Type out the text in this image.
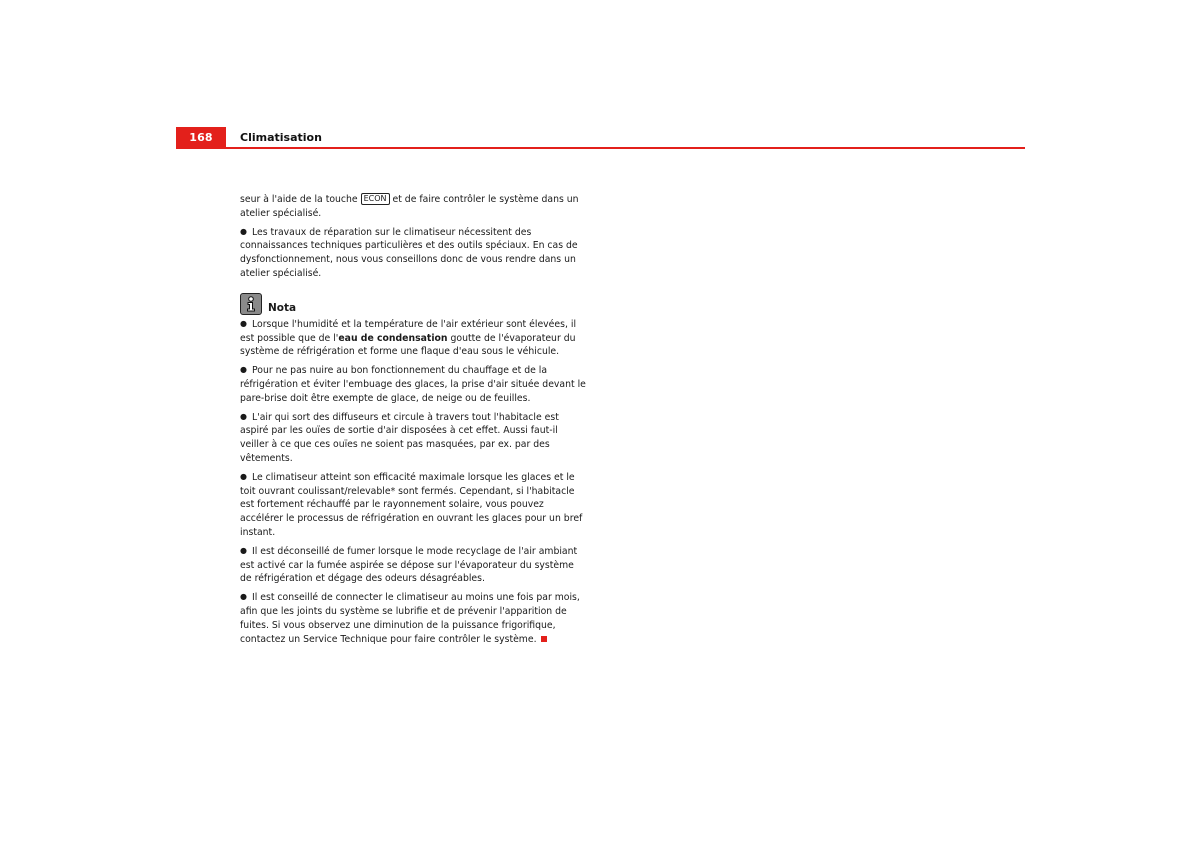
168	Climatisation

seur à l'aide de la touche ECON et de faire contrôler le système dans un atelier spécialisé.

● Les travaux de réparation sur le climatiseur nécessitent des connaissances techniques particulières et des outils spéciaux. En cas de dysfonctionnement, nous vous conseillons donc de vous rendre dans un atelier spécialisé.

Nota

● Lorsque l'humidité et la température de l'air extérieur sont élevées, il est possible que de l'eau de condensation goutte de l'évaporateur du système de réfrigération et forme une flaque d'eau sous le véhicule.

● Pour ne pas nuire au bon fonctionnement du chauffage et de la réfrigération et éviter l'embuage des glaces, la prise d'air située devant le pare-brise doit être exempte de glace, de neige ou de feuilles.

● L'air qui sort des diffuseurs et circule à travers tout l'habitacle est aspiré par les ouïes de sortie d'air disposées à cet effet. Aussi faut-il veiller à ce que ces ouïes ne soient pas masquées, par ex. par des vêtements.

● Le climatiseur atteint son efficacité maximale lorsque les glaces et le toit ouvrant coulissant/relevable* sont fermés. Cependant, si l'habitacle est fortement réchauffé par le rayonnement solaire, vous pouvez accélérer le processus de réfrigération en ouvrant les glaces pour un bref instant.

● Il est déconseillé de fumer lorsque le mode recyclage de l'air ambiant est activé car la fumée aspirée se dépose sur l'évaporateur du système de réfrigération et dégage des odeurs désagréables.

● Il est conseillé de connecter le climatiseur au moins une fois par mois, afin que les joints du système se lubrifie et de prévenir l'apparition de fuites. Si vous observez une diminution de la puissance frigorifique, contactez un Service Technique pour faire contrôler le système.
